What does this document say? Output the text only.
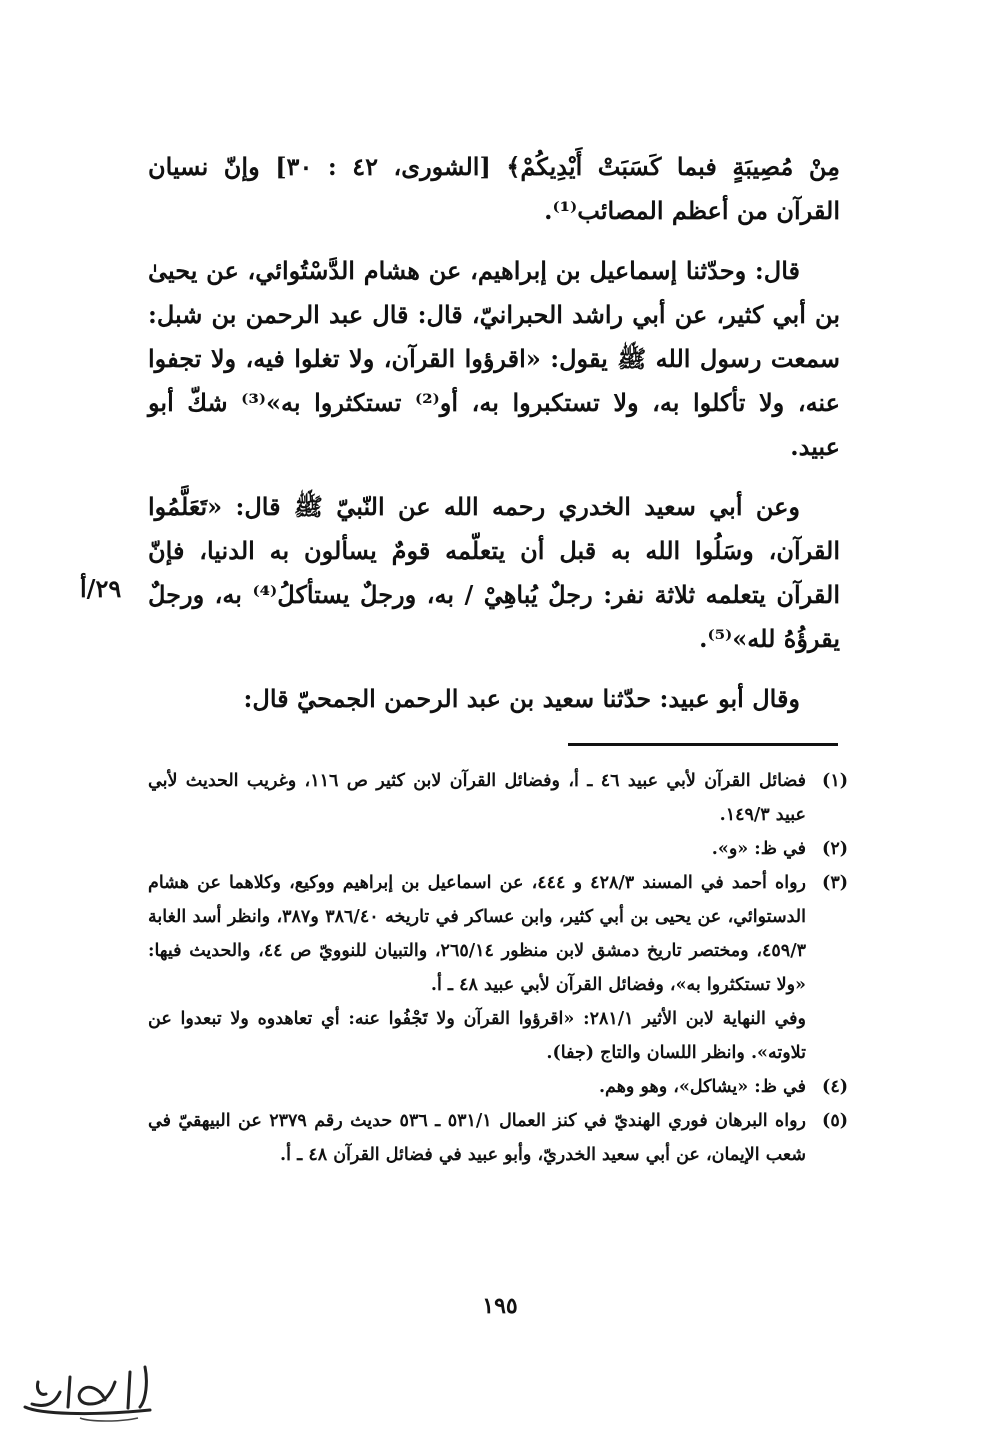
مِنْ مُصِيبَةٍ فبما كَسَبَتْ أَيْدِيكُمْ﴾ [الشورى، ٤٢ : ٣٠] وإنّ نسيان القرآن من أعظم المصائب⁽¹⁾.

قال: وحدّثنا إسماعيل بن إبراهيم، عن هشام الدَّسْتُوائي، عن يحيىٰ بن أبي كثير، عن أبي راشد الحبرانيّ، قال: قال عبد الرحمن بن شبل: سمعت رسول الله ﷺ يقول: «اقرؤوا القرآن، ولا تغلوا فيه، ولا تجفوا عنه، ولا تأكلوا به، ولا تستكبروا به، أو⁽²⁾ تستكثروا به»⁽³⁾ شكّ أبو عبيد.

وعن أبي سعيد الخدري رحمه الله عن النّبيّ ﷺ قال: «تَعَلَّمُوا القرآن، وسَلُوا الله به قبل أن يتعلّمه قومٌ يسألون به الدنيا، فإنّ القرآن يتعلمه ثلاثة نفر: رجلٌ يُباهِيْ / به، ورجلٌ يستأكلُ⁽⁴⁾ به، ورجلٌ يقرؤُهُ لله»⁽⁵⁾.

وقال أبو عبيد: حدّثنا سعيد بن عبد الرحمن الجمحيّ قال:

٢٩/أ
(١)
فضائل القرآن لأبي عبيد ٤٦ ـ أ، وفضائل القرآن لابن كثير ص ١١٦، وغريب الحديث لأبي عبيد ١٤٩/٣.
(٢)
في ظ: «و».
(٣)
رواه أحمد في المسند ٤٢٨/٣ و ٤٤٤، عن اسماعيل بن إبراهيم ووكيع، وكلاهما عن هشام الدستوائي، عن يحيى بن أبي كثير، وابن عساكر في تاريخه ٣٨٦/٤٠ و٣٨٧، وانظر أسد الغابة ٤٥٩/٣، ومختصر تاريخ دمشق لابن منظور ٢٦٥/١٤، والتبيان للنوويّ ص ٤٤، والحديث فيها: «ولا تستكثروا به»، وفضائل القرآن لأبي عبيد ٤٨ ـ أ.
وفي النهاية لابن الأثير ٢٨١/١: «اقرؤوا القرآن ولا تَجْفُوا عنه: أي تعاهدوه ولا تبعدوا عن تلاوته». وانظر اللسان والتاج (جفا).
(٤)
في ظ: «يشاكل»، وهو وهم.
(٥)
رواه البرهان فوري الهنديّ في كنز العمال ٥٣١/١ ـ ٥٣٦ حديث رقم ٢٣٧٩ عن البيهقيّ في شعب الإيمان، عن أبي سعيد الخدريّ، وأبو عبيد في فضائل القرآن ٤٨ ـ أ.
١٩٥
